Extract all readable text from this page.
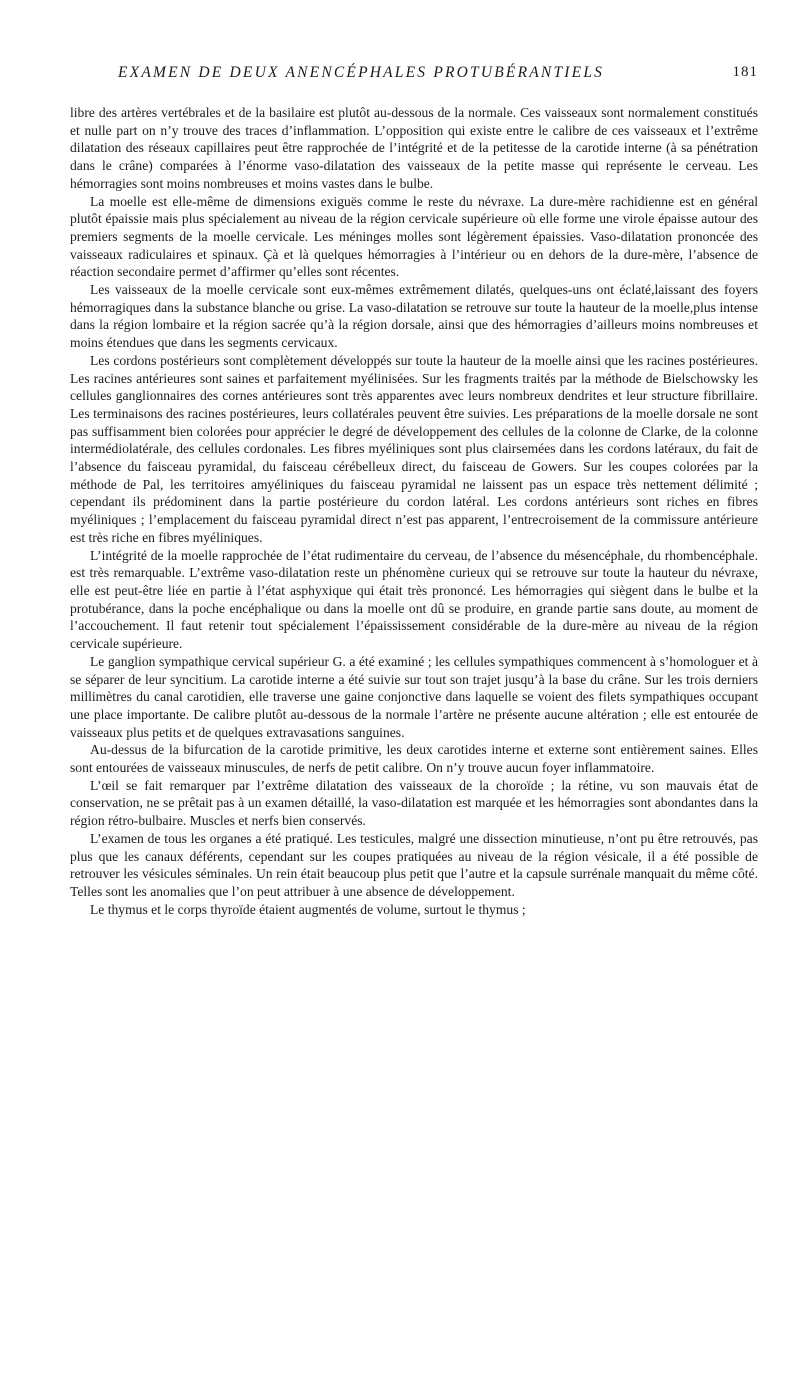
EXAMEN DE DEUX ANENCÉPHALES PROTUBÉRANTIELS	181

libre des artères vertébrales et de la basilaire est plutôt au-dessous de la normale. Ces vaisseaux sont normalement constitués et nulle part on n’y trouve des traces d’inflammation. L’opposition qui existe entre le calibre de ces vaisseaux et l’extrême dilatation des réseaux capillaires peut être rapprochée de l’intégrité et de la petitesse de la carotide interne (à sa pénétration dans le crâne) comparées à l’énorme vaso-dilatation des vaisseaux de la petite masse qui représente le cerveau. Les hémorragies sont moins nombreuses et moins vastes dans le bulbe.

La moelle est elle-même de dimensions exiguës comme le reste du névraxe. La dure-mère rachidienne est en général plutôt épaissie mais plus spécialement au niveau de la région cervicale supérieure où elle forme une virole épaisse autour des premiers segments de la moelle cervicale. Les méninges molles sont légèrement épaissies. Vaso-dilatation prononcée des vaisseaux radiculaires et spinaux. Çà et là quelques hémorragies à l’intérieur ou en dehors de la dure-mère, l’absence de réaction secondaire permet d’affirmer qu’elles sont récentes.

Les vaisseaux de la moelle cervicale sont eux-mêmes extrêmement dilatés, quelques-uns ont éclaté,laissant des foyers hémorragiques dans la substance blanche ou grise. La vaso-dilatation se retrouve sur toute la hauteur de la moelle,plus intense dans la région lombaire et la région sacrée qu’à la région dorsale, ainsi que des hémorragies d’ailleurs moins nombreuses et moins étendues que dans les segments cervicaux.

Les cordons postérieurs sont complètement développés sur toute la hauteur de la moelle ainsi que les racines postérieures. Les racines antérieures sont saines et parfaitement myélinisées. Sur les fragments traités par la méthode de Bielschowsky les cellules ganglionnaires des cornes antérieures sont très apparentes avec leurs nombreux dendrites et leur structure fibrillaire. Les terminaisons des racines postérieures, leurs collatérales peuvent être suivies. Les préparations de la moelle dorsale ne sont pas suffisamment bien colorées pour apprécier le degré de développement des cellules de la colonne de Clarke, de la colonne intermédiolatérale, des cellules cordonales. Les fibres myéliniques sont plus clairsemées dans les cordons latéraux, du fait de l’absence du faisceau pyramidal, du faisceau cérébelleux direct, du faisceau de Gowers. Sur les coupes colorées par la méthode de Pal, les territoires amyéliniques du faisceau pyramidal ne laissent pas un espace très nettement délimité ; cependant ils prédominent dans la partie postérieure du cordon latéral. Les cordons antérieurs sont riches en fibres myéliniques ; l’emplacement du faisceau pyramidal direct n’est pas apparent, l’entrecroisement de la commissure antérieure est très riche en fibres myéliniques.

L’intégrité de la moelle rapprochée de l’état rudimentaire du cerveau, de l’absence du mésencéphale, du rhombencéphale. est très remarquable. L’extrême vaso-dilatation reste un phénomène curieux qui se retrouve sur toute la hauteur du névraxe, elle est peut-être liée en partie à l’état asphyxique qui était très prononcé. Les hémorragies qui siègent dans le bulbe et la protubérance, dans la poche encéphalique ou dans la moelle ont dû se produire, en grande partie sans doute, au moment de l’accouchement. Il faut retenir tout spécialement l’épaississement considérable de la dure-mère au niveau de la région cervicale supérieure.

Le ganglion sympathique cervical supérieur G. a été examiné ; les cellules sympathiques commencent à s’homologuer et à se séparer de leur syncitium. La carotide interne a été suivie sur tout son trajet jusqu’à la base du crâne. Sur les trois derniers millimètres du canal carotidien, elle traverse une gaine conjonctive dans laquelle se voient des filets sympathiques occupant une place importante. De calibre plutôt au-dessous de la normale l’artère ne présente aucune altération ; elle est entourée de vaisseaux plus petits et de quelques extravasations sanguines.

Au-dessus de la bifurcation de la carotide primitive, les deux carotides interne et externe sont entièrement saines. Elles sont entourées de vaisseaux minuscules, de nerfs de petit calibre. On n’y trouve aucun foyer inflammatoire.

L’œil se fait remarquer par l’extrême dilatation des vaisseaux de la choroïde ; la rétine, vu son mauvais état de conservation, ne se prêtait pas à un examen détaillé, la vaso-dilatation est marquée et les hémorragies sont abondantes dans la région rétro-bulbaire. Muscles et nerfs bien conservés.

L’examen de tous les organes a été pratiqué. Les testicules, malgré une dissection minutieuse, n’ont pu être retrouvés, pas plus que les canaux déférents, cependant sur les coupes pratiquées au niveau de la région vésicale, il a été possible de retrouver les vésicules séminales. Un rein était beaucoup plus petit que l’autre et la capsule surrénale manquait du même côté. Telles sont les anomalies que l’on peut attribuer à une absence de développement.

Le thymus et le corps thyroïde étaient augmentés de volume, surtout le thymus ;
